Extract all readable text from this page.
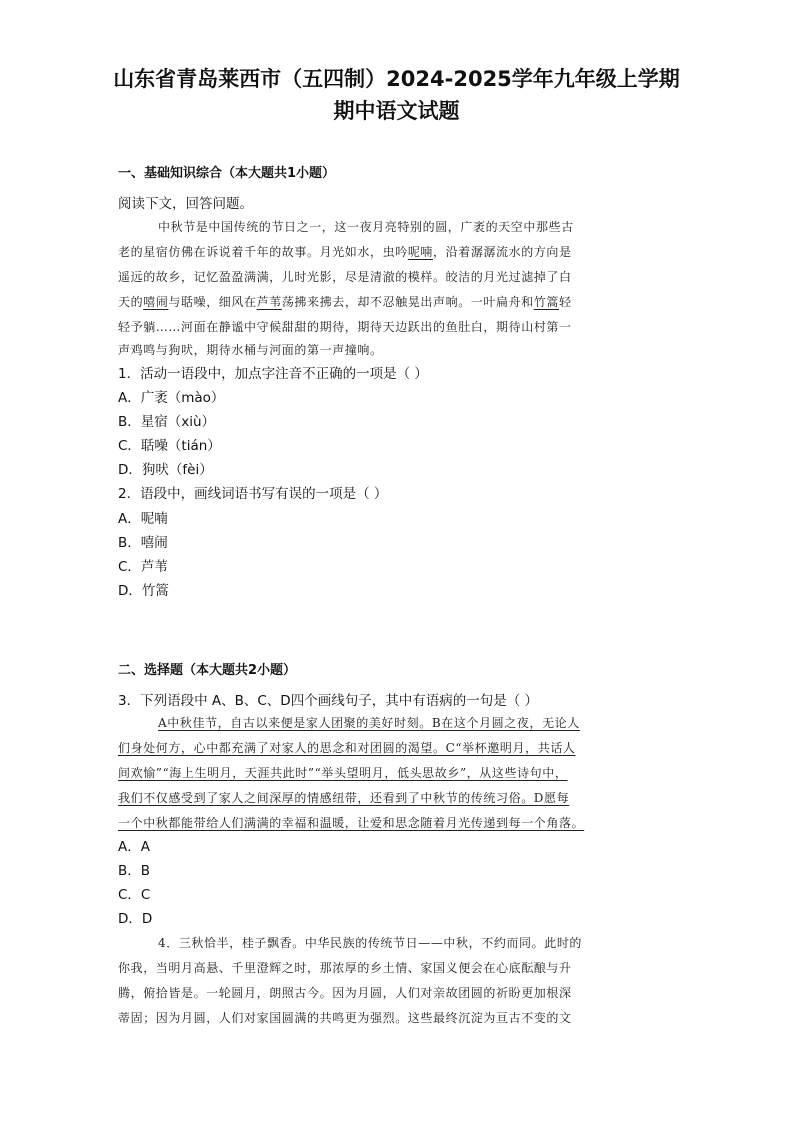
山东省青岛莱西市（五四制）2024-2025学年九年级上学期
期中语文试题
一、基础知识综合（本大题共1小题）
阅读下文，回答问题。
中秋节是中国传统的节日之一，这一夜月亮特别的圆，广袤的天空中那些古
老的星宿仿佛在诉说着千年的故事。月光如水，虫吟呢喃，沿着潺潺流水的方向是
遥远的故乡，记忆盈盈满满，儿时光影，尽是清澈的模样。皎洁的月光过滤掉了白
天的嘻闹与聒噪，细风在芦苇荡拂来拂去，却不忍触晃出声响。一叶扁舟和竹篙轻
轻予躺……河面在静谧中守候甜甜的期待，期待天边跃出的鱼肚白，期待山村第一
声鸡鸣与狗吠，期待水桶与河面的第一声撞响。
1．活动一语段中，加点字注音不正确的一项是（ ）
A．广袤（mào）
B．星宿（xiù）
C．聒噪（tián）
D．狗吠（fèi）
2．语段中，画线词语书写有误的一项是（ ）
A．呢喃
B．嘻闹
C．芦苇
D．竹篙
二、选择题（本大题共2小题）
3．下列语段中 A、B、C、D四个画线句子，其中有语病的一句是（ ）
A中秋佳节，自古以来便是家人团聚的美好时刻。B在这个月圆之夜，无论人
们身处何方，心中都充满了对家人的思念和对团圆的渴望。C“举杯邀明月，共话人
间欢愉”“海上生明月，天涯共此时”“举头望明月，低头思故乡”，从这些诗句中，
我们不仅感受到了家人之间深厚的情感纽带，还看到了中秋节的传统习俗。D愿每
一个中秋都能带给人们满满的幸福和温暖，让爱和思念随着月光传递到每一个角落。
A．A
B．B
C．C
D．D
4．三秋恰半，桂子飘香。中华民族的传统节日——中秋，不约而同。此时的
你我，当明月高悬、千里澄辉之时，那浓厚的乡土情、家国义便会在心底酝酿与升
腾，俯拾皆是。一轮圆月，朗照古今。因为月圆，人们对亲故团圆的祈盼更加根深
蒂固；因为月圆，人们对家国圆满的共鸣更为强烈。这些最终沉淀为亘古不变的文
